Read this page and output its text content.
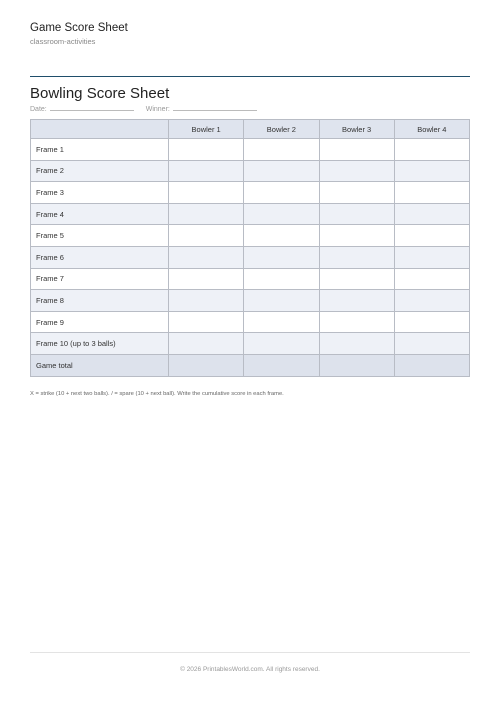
Game Score Sheet
classroom-activities
Bowling Score Sheet
Date:	Winner:
	Bowler 1	Bowler 2	Bowler 3	Bowler 4
Frame 1				
Frame 2				
Frame 3				
Frame 4				
Frame 5				
Frame 6				
Frame 7				
Frame 8				
Frame 9				
Frame 10 (up to 3 balls)				
Game total				
X = strike (10 + next two balls). / = spare (10 + next ball). Write the cumulative score in each frame.
© 2026 PrintablesWorld.com. All rights reserved.
